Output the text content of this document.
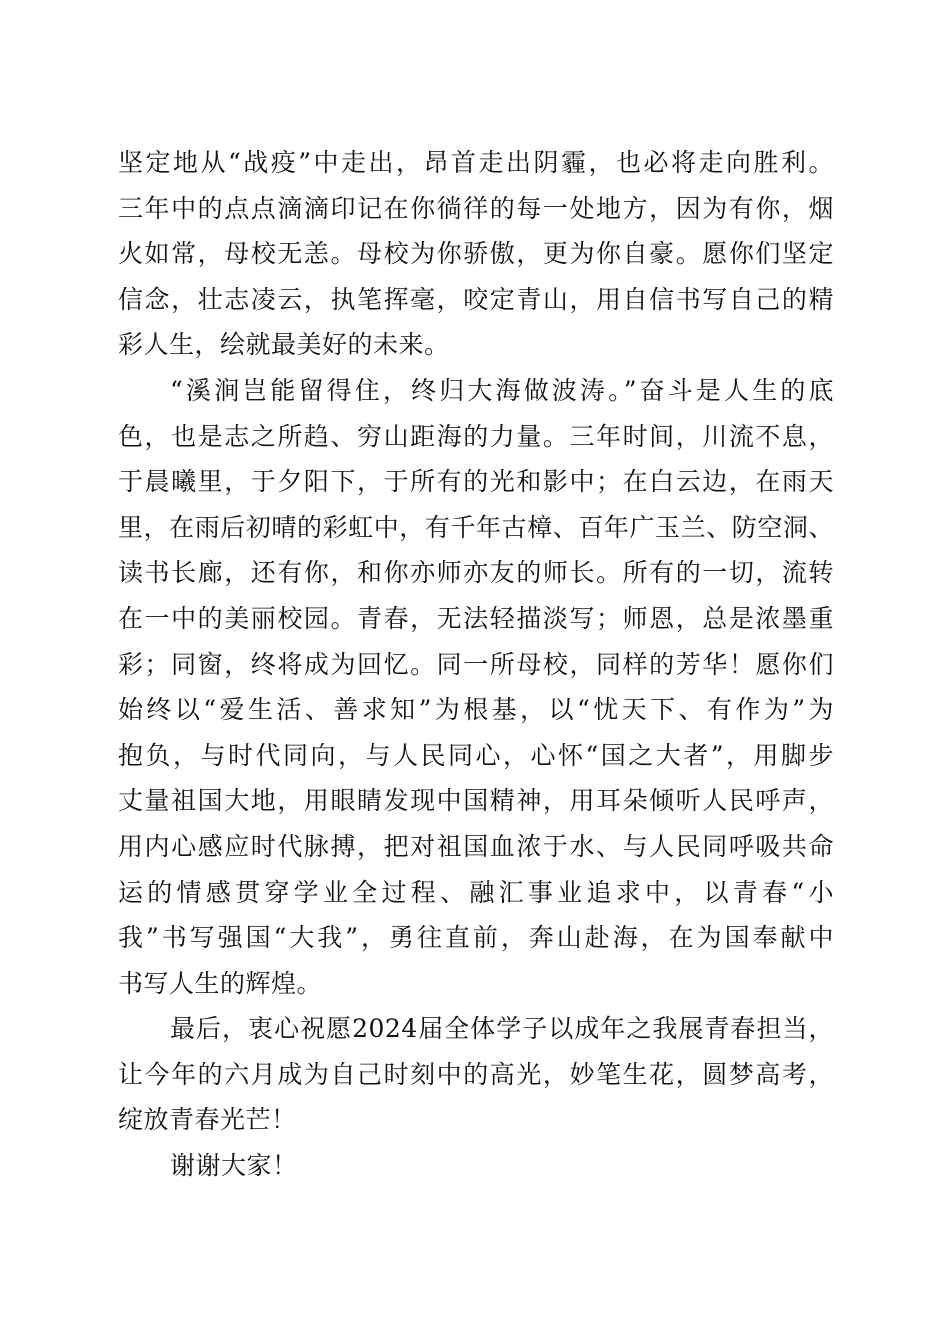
坚定地从“战疫”中走出，昂首走出阴霾，也必将走向胜利。
三年中的点点滴滴印记在你徜徉的每一处地方，因为有你，烟
火如常，母校无恙。母校为你骄傲，更为你自豪。愿你们坚定
信念，壮志凌云，执笔挥毫，咬定青山，用自信书写自己的精
彩人生，绘就最美好的未来。
“溪涧岂能留得住，终归大海做波涛。”奋斗是人生的底
色，也是志之所趋、穷山距海的力量。三年时间，川流不息，
于晨曦里，于夕阳下，于所有的光和影中；在白云边，在雨天
里，在雨后初晴的彩虹中，有千年古樟、百年广玉兰、防空洞、
读书长廊，还有你，和你亦师亦友的师长。所有的一切，流转
在一中的美丽校园。青春，无法轻描淡写；师恩，总是浓墨重
彩；同窗，终将成为回忆。同一所母校，同样的芳华！愿你们
始终以“爱生活、善求知”为根基，以“忧天下、有作为”为
抱负，与时代同向，与人民同心，心怀“国之大者”，用脚步
丈量祖国大地，用眼睛发现中国精神，用耳朵倾听人民呼声，
用内心感应时代脉搏，把对祖国血浓于水、与人民同呼吸共命
运的情感贯穿学业全过程、融汇事业追求中，以青春“小
我”书写强国“大我”，勇往直前，奔山赴海，在为国奉献中
书写人生的辉煌。
最后，衷心祝愿2024届全体学子以成年之我展青春担当，
让今年的六月成为自己时刻中的高光，妙笔生花，圆梦高考，
绽放青春光芒！
谢谢大家！
